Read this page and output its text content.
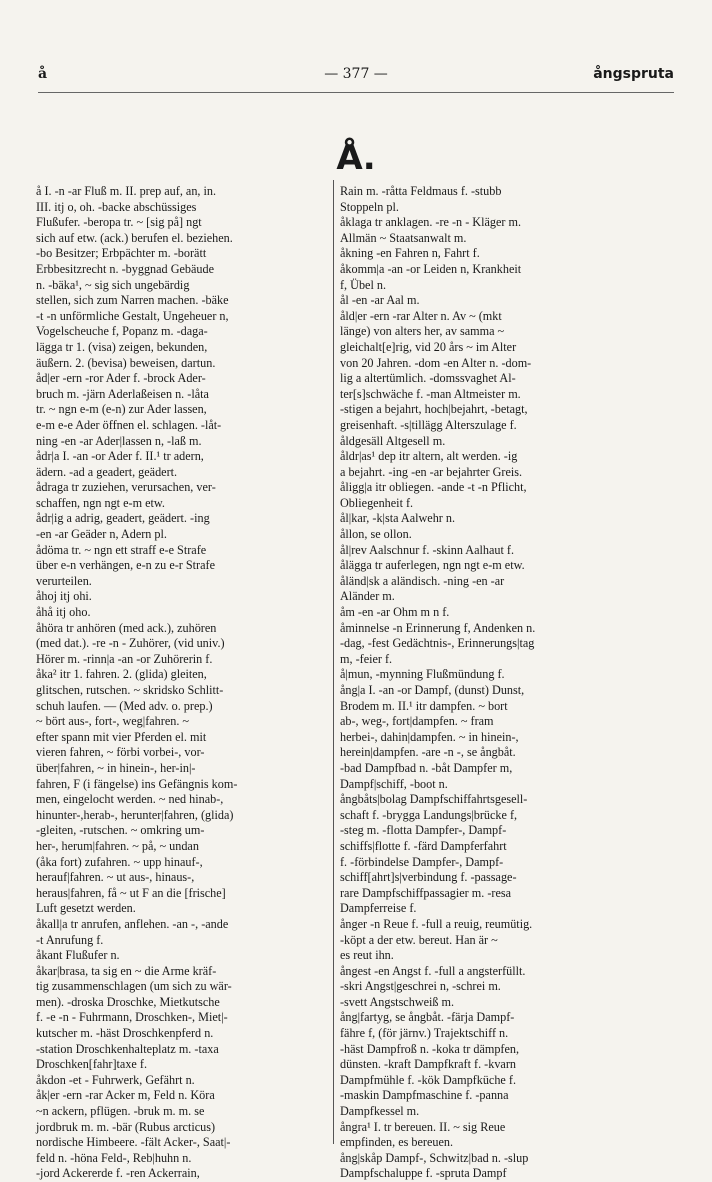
å	— 377 —	ångspruta
Å.
å I. -n -ar Fluß m. II. prep auf, an, in.
III. itj o, oh. -backe abschüssiges
Flußufer. -beropa tr. ~ [sig på] ngt
sich auf etw. (ack.) berufen el. beziehen.
-bo Besitzer; Erbpächter m. -borätt
Erbbesitzrecht n. -byggnad Gebäude
n. -bäka¹, ~ sig sich ungebärdig
stellen, sich zum Narren machen. -bäke
-t -n unförmliche Gestalt, Ungeheuer n,
Vogelscheuche f, Popanz m. -daga-
lägga tr 1. (visa) zeigen, bekunden,
äußern. 2. (bevisa) beweisen, dartun.
åd|er -ern -ror Ader f. -brock Ader-
bruch m. -järn Aderlaßeisen n. -låta
tr. ~ ngn e-m (e-n) zur Ader lassen,
e-m e-e Ader öffnen el. schlagen. -låt-
ning -en -ar Ader|lassen n, -laß m.
ådr|a I. -an -or Ader f. II.¹ tr adern,
ädern. -ad a geadert, geädert.
ådraga tr zuziehen, verursachen, ver-
schaffen, ngn ngt e-m etw.
ådr|ig a adrig, geadert, geädert. -ing
-en -ar Geäder n, Adern pl.
ådöma tr. ~ ngn ett straff e-e Strafe
über e-n verhängen, e-n zu e-r Strafe
verurteilen.
åhoj itj ohi.
åhå itj oho.
åhöra tr anhören (med ack.), zuhören
(med dat.). -re -n - Zuhörer, (vid univ.)
Hörer m. -rinn|a -an -or Zuhörerin f.
åka² itr 1. fahren. 2. (glida) gleiten,
glitschen, rutschen. ~ skridsko Schlitt-
schuh laufen. — (Med adv. o. prep.)
~ bört aus-, fort-, weg|fahren. ~
efter spann mit vier Pferden el. mit
vieren fahren, ~ förbi vorbei-, vor-
über|fahren, ~ in hinein-, her-in|-
fahren, F (i fängelse) ins Gefängnis kom-
men, eingelocht werden. ~ ned hinab-,
hinunter-,herab-, herunter|fahren, (glida)
-gleiten, -rutschen. ~ omkring um-
her-, herum|fahren. ~ på, ~ undan
(åka fort) zufahren. ~ upp hinauf-,
herauf|fahren. ~ ut aus-, hinaus-,
heraus|fahren, få ~ ut F an die [frische]
Luft gesetzt werden.
åkall|a tr anrufen, anflehen. -an -, -ande
-t Anrufung f.
åkant Flußufer n.
åkar|brasa, ta sig en ~ die Arme kräf-
tig zusammenschlagen (um sich zu wär-
men). -droska Droschke, Mietkutsche
f. -e -n - Fuhrmann, Droschken-, Miet|-
kutscher m. -häst Droschkenpferd n.
-station Droschkenhalteplatz m. -taxa
Droschken[fahr]taxe f.
åkdon -et - Fuhrwerk, Gefährt n.
åk|er -ern -rar Acker m, Feld n. Köra
~n ackern, pflügen. -bruk m. m. se
jordbruk m. m. -bär (Rubus arcticus)
nordische Himbeere. -fält Acker-, Saat|-
feld n. -höna Feld-, Reb|huhn n.
-jord Ackererde f. -ren Ackerrain,
Rain m. -råtta Feldmaus f. -stubb
Stoppeln pl.
åklaga tr anklagen. -re -n - Kläger m.
Allmän ~ Staatsanwalt m.
åkning -en Fahren n, Fahrt f.
åkomm|a -an -or Leiden n, Krankheit
f, Übel n.
ål -en -ar Aal m.
åld|er -ern -rar Alter n. Av ~ (mkt
länge) von alters her, av samma ~
gleichalt[e]rig, vid 20 års ~ im Alter
von 20 Jahren. -dom -en Alter n. -dom-
lig a altertümlich. -domssvaghet Al-
ter[s]schwäche f. -man Altmeister m.
-stigen a bejahrt, hoch|bejahrt, -betagt,
greisenhaft. -s|tillägg Alterszulage f.
åldgesäll Altgesell m.
åldr|as¹ dep itr altern, alt werden. -ig
a bejahrt. -ing -en -ar bejahrter Greis.
åligg|a itr obliegen. -ande -t -n Pflicht,
Obliegenheit f.
ål|kar, -k|sta Aalwehr n.
ållon, se ollon.
ål|rev Aalschnur f. -skinn Aalhaut f.
ålägga tr auferlegen, ngn ngt e-m etw.
åländ|sk a aländisch. -ning -en -ar
Aländer m.
åm -en -ar Ohm m n f.
åminnelse -n Erinnerung f, Andenken n.
-dag, -fest Gedächtnis-, Erinnerungs|tag
m, -feier f.
å|mun, -mynning Flußmündung f.
ång|a I. -an -or Dampf, (dunst) Dunst,
Brodem m. II.¹ itr dampfen. ~ bort
ab-, weg-, fort|dampfen. ~ fram
herbei-, dahin|dampfen. ~ in hinein-,
herein|dampfen. -are -n -, se ångbåt.
-bad Dampfbad n. -båt Dampfer m,
Dampf|schiff, -boot n.
ångbåts|bolag Dampfschiffahrtsgesell-
schaft f. -brygga Landungs|brücke f,
-steg m. -flotta Dampfer-, Dampf-
schiffs|flotte f. -färd Dampferfahrt
f. -förbindelse Dampfer-, Dampf-
schiff[ahrt]s|verbindung f. -passage-
rare Dampfschiffpassagier m. -resa
Dampferreise f.
ånger -n Reue f. -full a reuig, reumütig.
-köpt a der etw. bereut. Han är ~
es reut ihn.
ångest -en Angst f. -full a angsterfüllt.
-skri Angst|geschrei n, -schrei m.
-svett Angstschweiß m.
ång|fartyg, se ångbåt. -färja Dampf-
fähre f, (för järnv.) Trajektschiff n.
-häst Dampfroß n. -koka tr dämpfen,
dünsten. -kraft Dampfkraft f. -kvarn
Dampfmühle f. -kök Dampfküche f.
-maskin Dampfmaschine f. -panna
Dampfkessel m.
ångra¹ I. tr bereuen. II. ~ sig Reue
empfinden, es bereuen.
ång|skåp Dampf-, Schwitz|bad n. -slup
Dampfschaluppe f. -spruta Dampf
